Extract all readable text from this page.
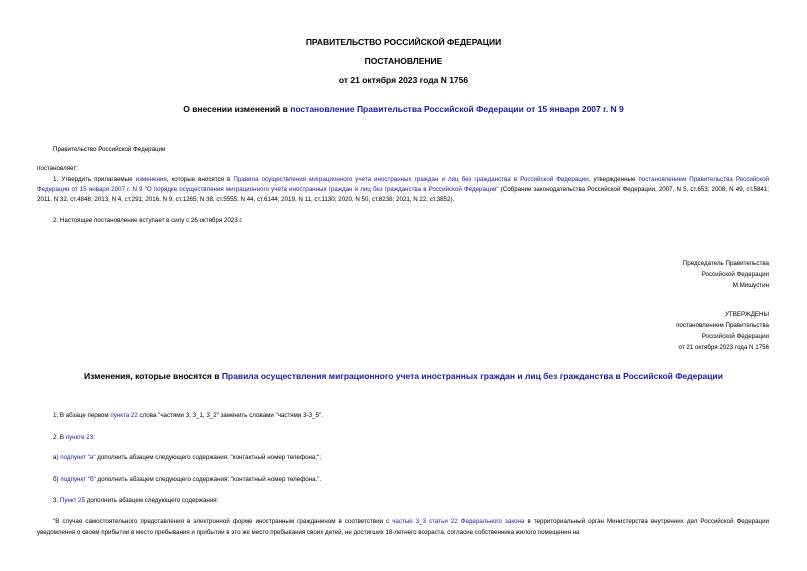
ПРАВИТЕЛЬСТВО РОССИЙСКОЙ ФЕДЕРАЦИИ
ПОСТАНОВЛЕНИЕ
от 21 октября 2023 года N 1756
О внесении изменений в постановление Правительства Российской Федерации от 15 января 2007 г. N 9
Правительство Российской Федерации
постановляет:
1. Утвердить прилагаемые изменения, которые вносятся в Правила осуществления миграционного учета иностранных граждан и лиц без гражданства в Российской Федерации, утвержденные постановлением Правительства Российской Федерации от 15 января 2007 г. N 9 "О порядке осуществления миграционного учета иностранных граждан и лиц без гражданства в Российской Федерации" (Собрание законодательства Российской Федерации, 2007, N 5, ст.653; 2008, N 49, ст.5841; 2011, N 32, ст.4848; 2013, N 4, ст.291; 2016, N 9, ст.1265; N 38, ст.5555; N 44, ст.6144; 2019, N 11, ст.1130; 2020, N 50, ст.8238; 2021, N 22, ст.3852).
2. Настоящее постановление вступает в силу с 26 октября 2023 г.
Председатель Правительства
Российской Федерации
М.Мишустин
УТВЕРЖДЕНЫ
постановлением Правительства
Российской Федерации
от 21 октября 2023 года N 1756
Изменения, которые вносятся в Правила осуществления миграционного учета иностранных граждан и лиц без гражданства в Российской Федерации
1. В абзаце первом пункта 22 слова "частями 3, 3_1, 3_2" заменить словами "частями 3-3_5".
2. В пункте 23:
а) подпункт "а" дополнить абзацем следующего содержания: "контактный номер телефона;";
б) подпункт "б" дополнить абзацем следующего содержания: "контактный номер телефона.".
3. Пункт 25 дополнить абзацем следующего содержания:
"В случае самостоятельного представления в электронной форме иностранным гражданином в соответствии с частью 3_3 статьи 22 Федерального закона в территориальный орган Министерства внутренних дел Российской Федерации уведомления о своем прибытии в место пребывания и прибытии в это же место пребывания своих детей, не достигших 18-летнего возраста, согласие собственника жилого помещения на
